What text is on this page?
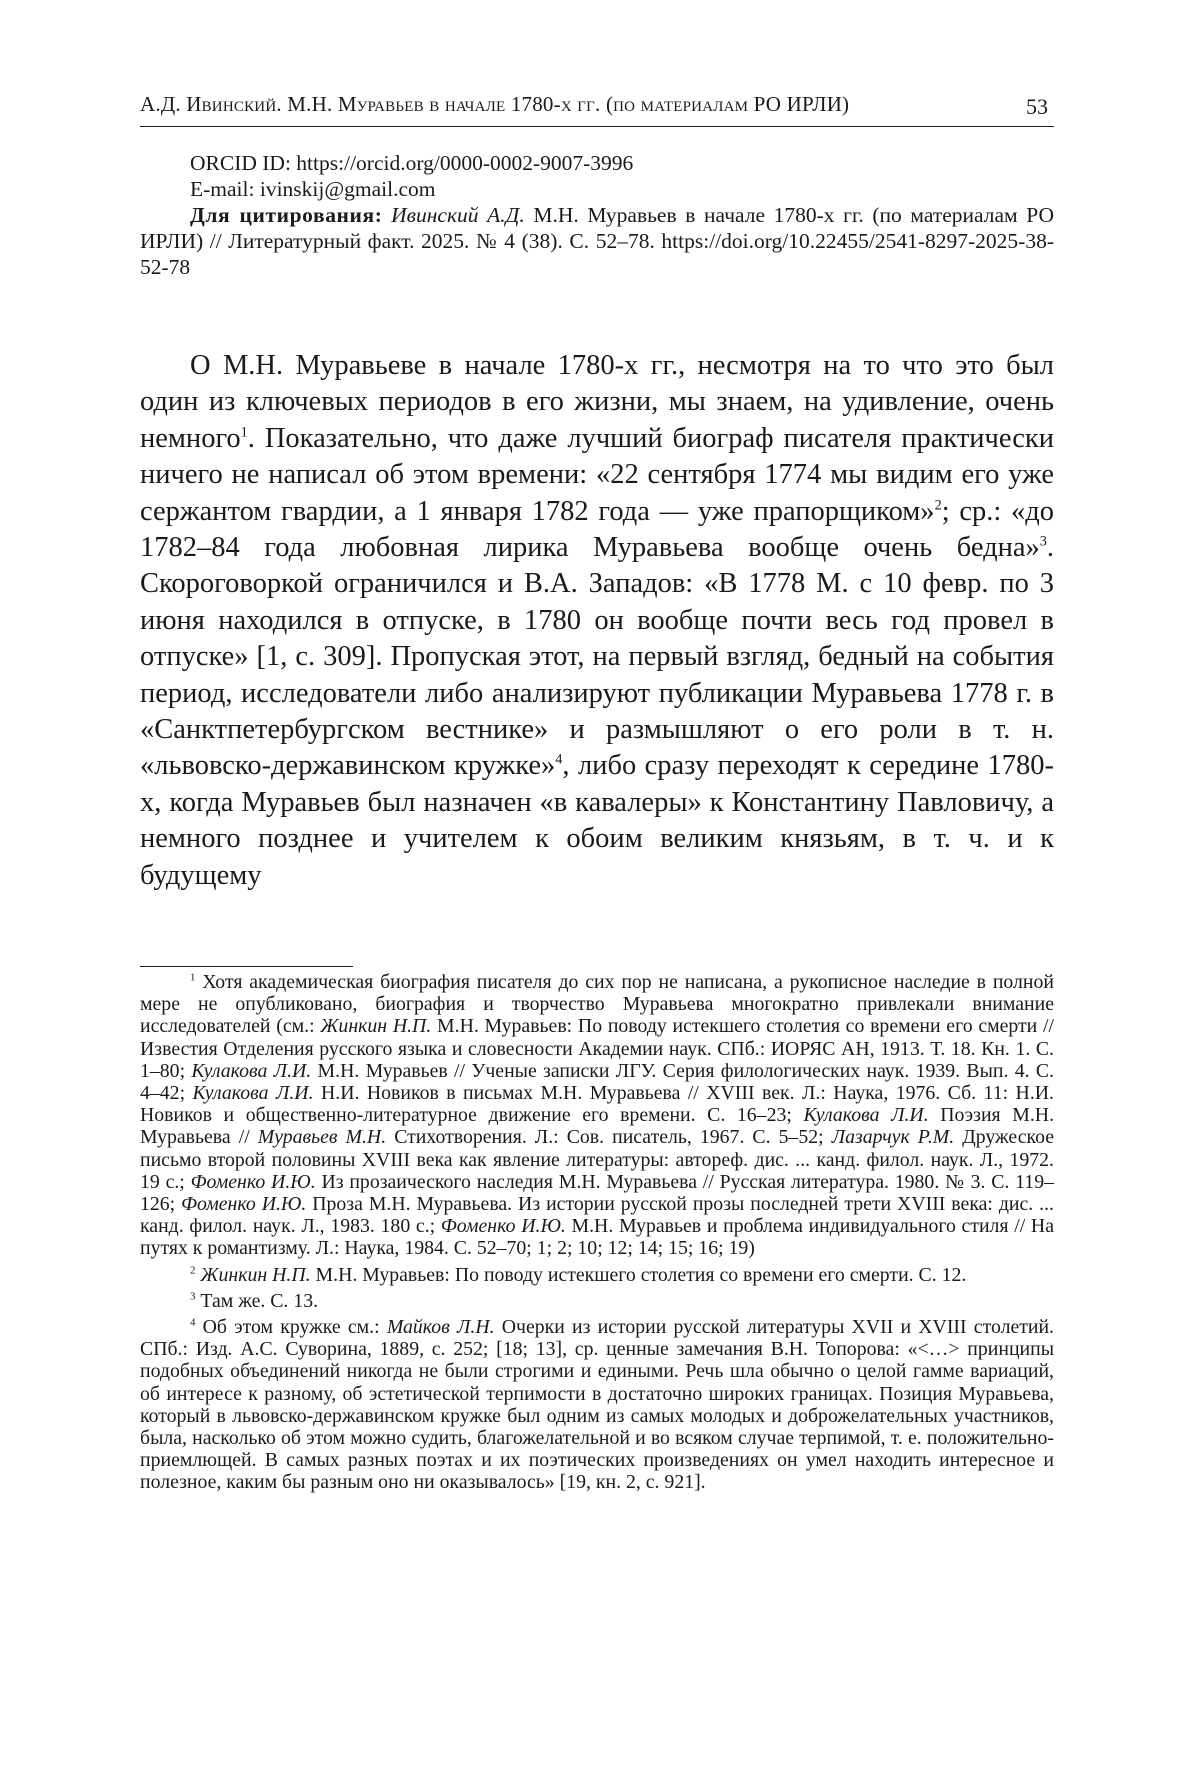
А.Д. Ивинский. М.Н. Муравьев в начале 1780-х гг. (по материалам РО ИРЛИ)	53
ORCID ID: https://orcid.org/0000-0002-9007-3996
E-mail: ivinskij@gmail.com

Для цитирования: Ивинский А.Д. М.Н. Муравьев в начале 1780-х гг. (по материалам РО ИРЛИ) // Литературный факт. 2025. № 4 (38). С. 52–78. https://doi.org/10.22455/2541-8297-2025-38-52-78

О М.Н. Муравьеве в начале 1780-х гг., несмотря на то что это был один из ключевых периодов в его жизни, мы знаем, на удивление, очень немного$^1$. Показательно, что даже лучший биограф писателя практически ничего не написал об этом времени: «22 сентября 1774 мы видим его уже сержантом гвардии, а 1 января 1782 года — уже прапорщиком»$^2$; ср.: «до 1782–84 года любовная лирика Муравьева вообще очень бедна»$^3$. Скороговоркой ограничился и В.А. Западов: «В 1778 М. с 10 февр. по 3 июня находился в отпуске, в 1780 он вообще почти весь год провел в отпуске» [1, с. 309]. Пропуская этот, на первый взгляд, бедный на события период, исследователи либо анализируют публикации Муравьева 1778 г. в «Санктпетербургском вестнике» и размышляют о его роли в т. н. «львовско-державинском кружке»$^4$, либо сразу переходят к середине 1780-х, когда Муравьев был назначен «в кавалеры» к Константину Павловичу, а немного позднее и учителем к обоим великим князьям, в т. ч. и к будущему

$^1$ Хотя академическая биография писателя до сих пор не написана, а рукописное наследие в полной мере не опубликовано, биография и творчество Муравьева многократно привлекали внимание исследователей (см.: Жинкин Н.П. М.Н. Муравьев: По поводу истекшего столетия со времени его смерти // Известия Отделения русского языка и словесности Академии наук. СПб.: ИОРЯС АН, 1913. Т. 18. Кн. 1. С. 1–80; Кулакова Л.И. М.Н. Муравьев // Ученые записки ЛГУ. Серия филологических наук. 1939. Вып. 4. С. 4–42; Кулакова Л.И. Н.И. Новиков в письмах М.Н. Муравьева // XVIII век. Л.: Наука, 1976. Сб. 11: Н.И. Новиков и общественно-литературное движение его времени. С. 16–23; Кулакова Л.И. Поэзия М.Н. Муравьева // Муравьев М.Н. Стихотворения. Л.: Сов. писатель, 1967. С. 5–52; Лазарчук Р.М. Дружеское письмо второй половины XVIII века как явление литературы: автореф. дис. ... канд. филол. наук. Л., 1972. 19 с.; Фоменко И.Ю. Из прозаического наследия М.Н. Муравьева // Русская литература. 1980. № 3. С. 119–126; Фоменко И.Ю. Проза М.Н. Муравьева. Из истории русской прозы последней трети XVIII века: дис. ... канд. филол. наук. Л., 1983. 180 с.; Фоменко И.Ю. М.Н. Муравьев и проблема индивидуального стиля // На путях к романтизму. Л.: Наука, 1984. С. 52–70; 1; 2; 10; 12; 14; 15; 16; 19)

$^2$ Жинкин Н.П. М.Н. Муравьев: По поводу истекшего столетия со времени его смерти. С. 12.

$^3$ Там же. С. 13.

$^4$ Об этом кружке см.: Майков Л.Н. Очерки из истории русской литературы XVII и XVIII столетий. СПб.: Изд. А.С. Суворина, 1889, с. 252; [18; 13], ср. ценные замечания В.Н. Топорова: «<…> принципы подобных объединений никогда не были строгими и едиными. Речь шла обычно о целой гамме вариаций, об интересе к разному, об эстетической терпимости в достаточно широких границах. Позиция Муравьева, который в львовско-державинском кружке был одним из самых молодых и доброжелательных участников, была, насколько об этом можно судить, благожелательной и во всяком случае терпимой, т. е. положительно-приемлющей. В самых разных поэтах и их поэтических произведениях он умел находить интересное и полезное, каким бы разным оно ни оказывалось» [19, кн. 2, с. 921].
